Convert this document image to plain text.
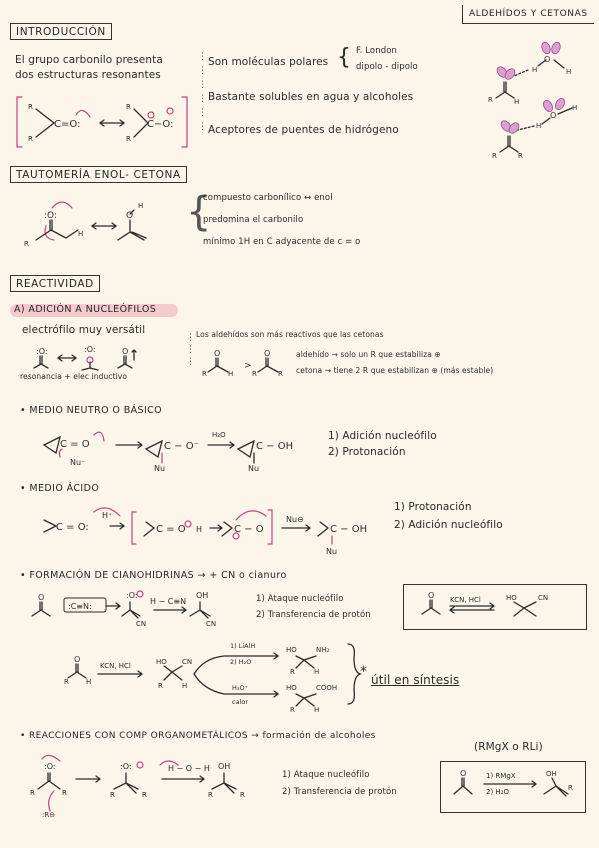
ALDEHÍDOS Y CETONAS
INTRODUCCIÓN
El grupo carbonilo presenta
dos estructuras resonantes
R
R
C=O:
R
R
C−O:
⋮
⋮
⋮
⋮
⋮
⋮
Son moléculas polares { F. London
dipolo - dipolo
Bastante solubles en agua y alcoholes
Aceptores de puentes de hidrógeno
O
H	H
R	H
O
H
H
R	R
TAUTOMERÍA ENOL- CETONA
:O:
R
H
O
H {
compuesto carbonílico ↔ enol
predomina el carbonilo
mínimo 1H en C adyacente de c = o
REACTIVIDAD
A) ADICIÓN A NUCLEÓFILOS
electrófilo muy versátil
:O:	:O:	O
resonancia + elec inductivo
⋮
⋮
⋮
Los aldehídos son más reactivos que las cetonas
O
R	H
>
O
R	R
aldehído → solo un R que estabiliza ⊕
cetona → tiene 2 R que estabilizan ⊕ (más estable)
• MEDIO NEUTRO O BÁSICO
C = O
Nu⁻
C − O⁻
Nu
H₂O
C − OH
Nu
1) Adición nucleófilo
2) Protonación
• MEDIO ÁCIDO
C = O:
H⁺
C = O H	C − O
Nu⊖
C − OH
Nu
1) Protonación
2) Adición nucleófilo
• FORMACIÓN DE CIANOHIDRINAS → + CN o cianuro
O
:C≡N:
:O:
CN
H − C≡N
OH
CN
1) Ataque nucleófilo
2) Transferencia de protón
O KCN, HCl	HO	CN
O
R H
KCN, HCl	HO CN
R	H
1) LiAlH
2) H₂O
H₃O⁺
calor
HO	NH₂
R	H
HO	COOH
R	H
* útil en síntesis
• REACCIONES CON COMP ORGANOMETÁLICOS → formación de alcoholes
(RMgX o RLi)
:O:
R	R
:R⊖
:O:
R	R
H − O − H OH
R	R
1) Ataque nucleófilo
2) Transferencia de protón
O	1) RMgX
2) H₂O
OH
R
